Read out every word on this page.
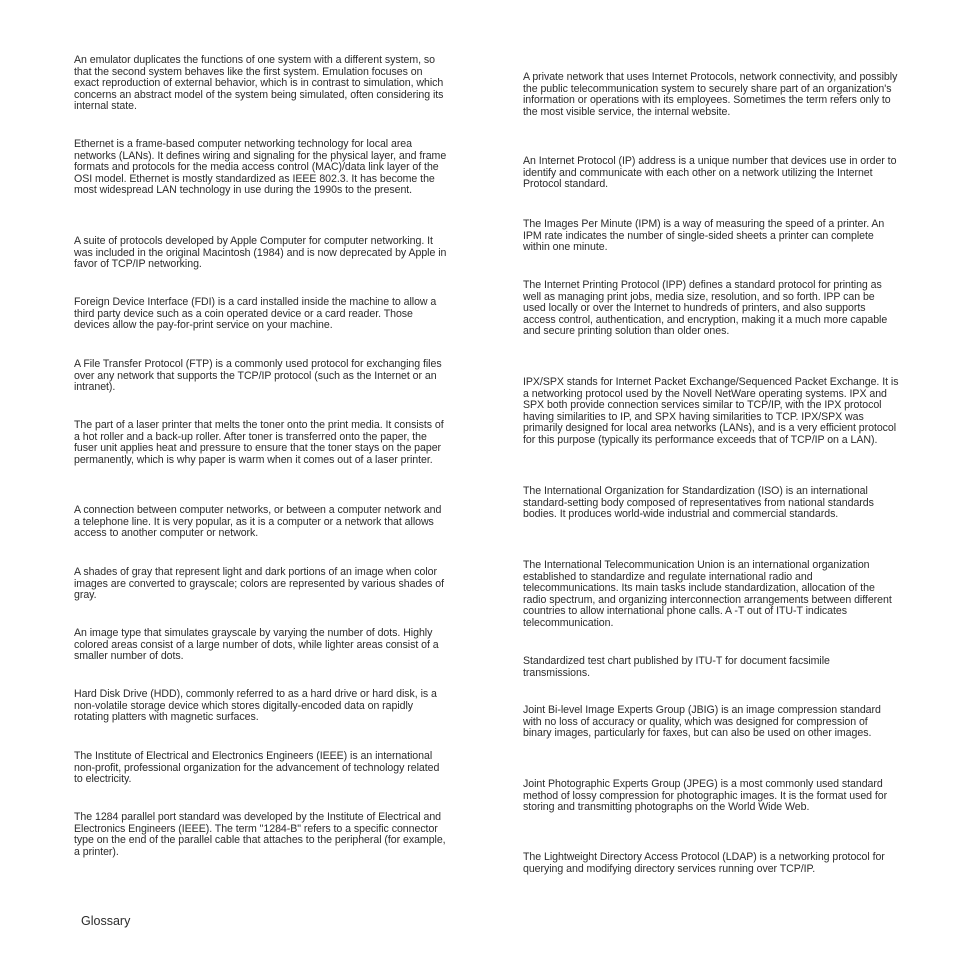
An emulator duplicates the functions of one system with a different system, so that the second system behaves like the first system. Emulation focuses on exact reproduction of external behavior, which is in contrast to simulation, which concerns an abstract model of the system being simulated, often considering its internal state.

Ethernet is a frame-based computer networking technology for local area networks (LANs). It defines wiring and signaling for the physical layer, and frame formats and protocols for the media access control (MAC)/data link layer of the OSI model. Ethernet is mostly standardized as IEEE 802.3. It has become the most widespread LAN technology in use during the 1990s to the present.

A suite of protocols developed by Apple Computer for computer networking. It was included in the original Macintosh (1984) and is now deprecated by Apple in favor of TCP/IP networking.

Foreign Device Interface (FDI) is a card installed inside the machine to allow a third party device such as a coin operated device or a card reader. Those devices allow the pay-for-print service on your machine.

A File Transfer Protocol (FTP) is a commonly used protocol for exchanging files over any network that supports the TCP/IP protocol (such as the Internet or an intranet).

The part of a laser printer that melts the toner onto the print media. It consists of a hot roller and a back-up roller. After toner is transferred onto the paper, the fuser unit applies heat and pressure to ensure that the toner stays on the paper permanently, which is why paper is warm when it comes out of a laser printer.

A connection between computer networks, or between a computer network and a telephone line. It is very popular, as it is a computer or a network that allows access to another computer or network.

A shades of gray that represent light and dark portions of an image when color images are converted to grayscale; colors are represented by various shades of gray.

An image type that simulates grayscale by varying the number of dots. Highly colored areas consist of a large number of dots, while lighter areas consist of a smaller number of dots.

Hard Disk Drive (HDD), commonly referred to as a hard drive or hard disk, is a non-volatile storage device which stores digitally-encoded data on rapidly rotating platters with magnetic surfaces.

The Institute of Electrical and Electronics Engineers (IEEE) is an international non-profit, professional organization for the advancement of technology related to electricity.

The 1284 parallel port standard was developed by the Institute of Electrical and Electronics Engineers (IEEE). The term "1284-B" refers to a specific connector type on the end of the parallel cable that attaches to the peripheral (for example, a printer).

A private network that uses Internet Protocols, network connectivity, and possibly the public telecommunication system to securely share part of an organization's information or operations with its employees. Sometimes the term refers only to the most visible service, the internal website.

An Internet Protocol (IP) address is a unique number that devices use in order to identify and communicate with each other on a network utilizing the Internet Protocol standard.

The Images Per Minute (IPM) is a way of measuring the speed of a printer. An IPM rate indicates the number of single-sided sheets a printer can complete within one minute.

The Internet Printing Protocol (IPP) defines a standard protocol for printing as well as managing print jobs, media size, resolution, and so forth. IPP can be used locally or over the Internet to hundreds of printers, and also supports access control, authentication, and encryption, making it a much more capable and secure printing solution than older ones.

IPX/SPX stands for Internet Packet Exchange/Sequenced Packet Exchange. It is a networking protocol used by the Novell NetWare operating systems. IPX and SPX both provide connection services similar to TCP/IP, with the IPX protocol having similarities to IP, and SPX having similarities to TCP. IPX/SPX was primarily designed for local area networks (LANs), and is a very efficient protocol for this purpose (typically its performance exceeds that of TCP/IP on a LAN).

The International Organization for Standardization (ISO) is an international standard-setting body composed of representatives from national standards bodies. It produces world-wide industrial and commercial standards.

The International Telecommunication Union is an international organization established to standardize and regulate international radio and telecommunications. Its main tasks include standardization, allocation of the radio spectrum, and organizing interconnection arrangements between different countries to allow international phone calls. A -T out of ITU-T indicates telecommunication.

Standardized test chart published by ITU-T for document facsimile transmissions.

Joint Bi-level Image Experts Group (JBIG) is an image compression standard with no loss of accuracy or quality, which was designed for compression of binary images, particularly for faxes, but can also be used on other images.

Joint Photographic Experts Group (JPEG) is a most commonly used standard method of lossy compression for photographic images. It is the format used for storing and transmitting photographs on the World Wide Web.

The Lightweight Directory Access Protocol (LDAP) is a networking protocol for querying and modifying directory services running over TCP/IP.

Glossary
